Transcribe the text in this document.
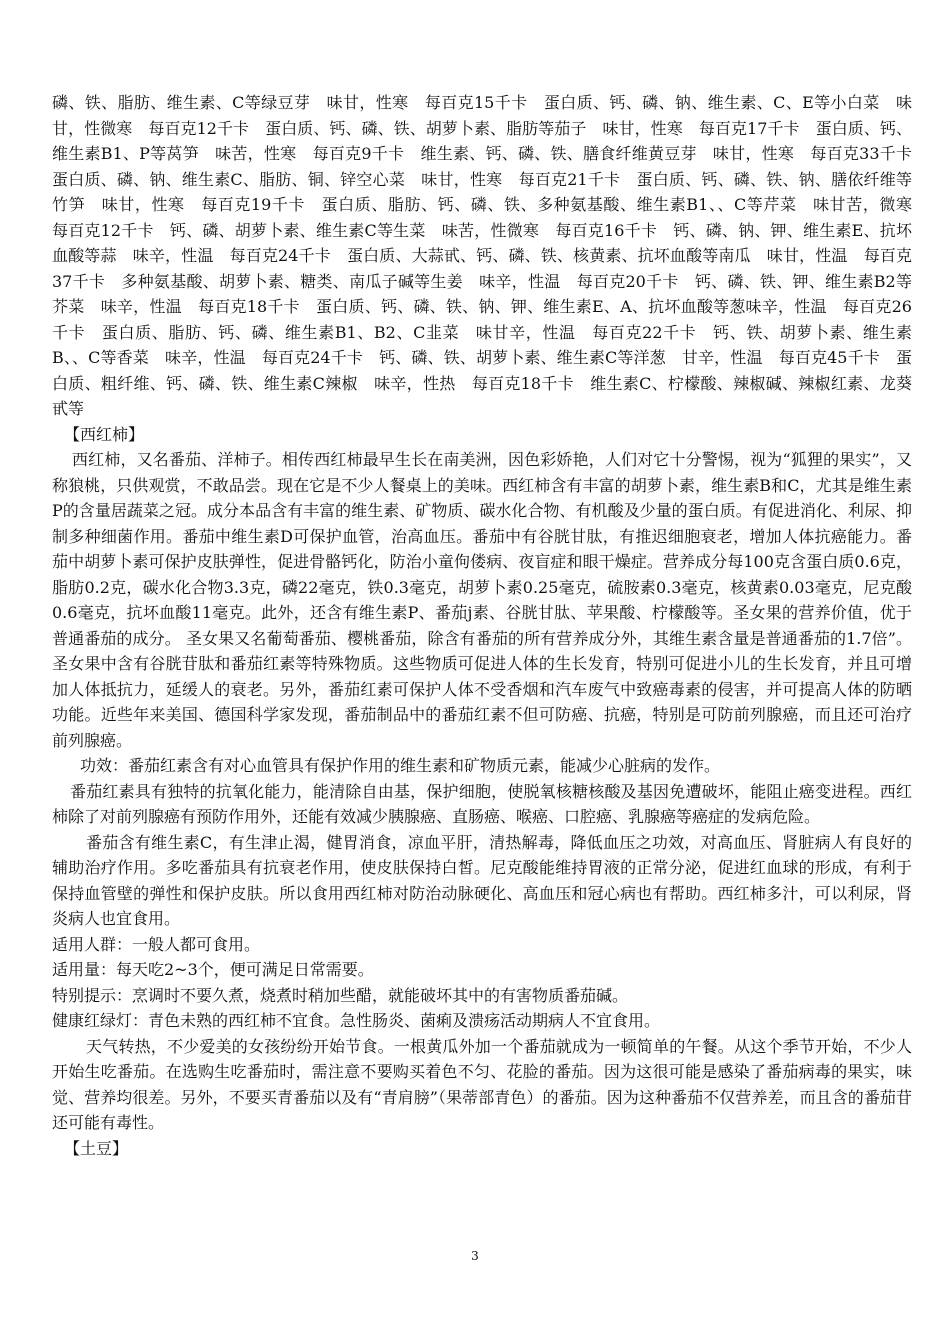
磷、铁、脂肪、维生素、C等绿豆芽　味甘，性寒　每百克15千卡　蛋白质、钙、磷、钠、维生素、C、E等小白菜　味甘，性微寒　每百克12千卡　蛋白质、钙、磷、铁、胡萝卜素、脂肪等茄子　味甘，性寒　每百克17千卡　蛋白质、钙、维生素B1、P等莴笋　味苦，性寒　每百克9千卡　维生素、钙、磷、铁、膳食纤维黄豆芽　味甘，性寒　每百克33千卡　蛋白质、磷、钠、维生素C、脂肪、铜、锌空心菜　味甘，性寒　每百克21千卡　蛋白质、钙、磷、铁、钠、膳依纤维等竹笋　味甘，性寒　每百克19千卡　蛋白质、脂肪、钙、磷、铁、多种氨基酸、维生素B1、、C等芹菜　味甘苦，微寒　每百克12千卡　钙、磷、胡萝卜素、维生素C等生菜　味苦，性微寒　每百克16千卡　钙、磷、钠、钾、维生素E、抗坏血酸等蒜　味辛，性温　每百克24千卡　蛋白质、大蒜甙、钙、磷、铁、核黄素、抗坏血酸等南瓜　味甘，性温　每百克37千卡　多种氨基酸、胡萝卜素、糖类、南瓜子碱等生姜　味辛，性温　每百克20千卡　钙、磷、铁、钾、维生素B2等芥菜　味辛，性温　每百克18千卡　蛋白质、钙、磷、铁、钠、钾、维生素E、A、抗坏血酸等葱味辛，性温　每百克26千卡　蛋白质、脂肪、钙、磷、维生素B1、B2、C韭菜　味甘辛，性温　每百克22千卡　钙、铁、胡萝卜素、维生素B、、C等香菜　味辛，性温　每百克24千卡　钙、磷、铁、胡萝卜素、维生素C等洋葱　甘辛，性温　每百克45千卡　蛋白质、粗纤维、钙、磷、铁、维生素C辣椒　味辛，性热　每百克18千卡　维生素C、柠檬酸、辣椒碱、辣椒红素、龙葵甙等

【西红柿】

西红柿，又名番茄、洋柿子。相传西红柿最早生长在南美洲，因色彩娇艳，人们对它十分警惕，视为“狐狸的果实”，又称狼桃，只供观赏，不敢品尝。现在它是不少人餐桌上的美味。西红柿含有丰富的胡萝卜素，维生素B和C，尤其是维生素P的含量居蔬菜之冠。成分本品含有丰富的维生素、矿物质、碳水化合物、有机酸及少量的蛋白质。有促进消化、利尿、抑制多种细菌作用。番茄中维生素D可保护血管，治高血压。番茄中有谷胱甘肽，有推迟细胞衰老，增加人体抗癌能力。番茄中胡萝卜素可保护皮肤弹性，促进骨骼钙化，防治小童佝偻病、夜盲症和眼干燥症。营养成分每100克含蛋白质0.6克，脂肪0.2克，碳水化合物3.3克，磷22毫克，铁0.3毫克，胡萝卜素0.25毫克，硫胺素0.3毫克，核黄素0.03毫克，尼克酸0.6毫克，抗坏血酸11毫克。此外，还含有维生素P、番茄j素、谷胱甘肽、苹果酸、柠檬酸等。圣女果的营养价值，优于普通番茄的成分。 圣女果又名葡萄番茄、樱桃番茄，除含有番茄的所有营养成分外，其维生素含量是普通番茄的1.7倍”。 圣女果中含有谷胱苷肽和番茄红素等特殊物质。这些物质可促进人体的生长发育，特别可促进小儿的生长发育，并且可增加人体抵抗力，延缓人的衰老。另外，番茄红素可保护人体不受香烟和汽车废气中致癌毒素的侵害，并可提高人体的防晒功能。近些年来美国、德国科学家发现，番茄制品中的番茄红素不但可防癌、抗癌，特别是可防前列腺癌，而且还可治疗前列腺癌。

功效：番茄红素含有对心血管具有保护作用的维生素和矿物质元素，能减少心脏病的发作。

番茄红素具有独特的抗氧化能力，能清除自由基，保护细胞，使脱氧核糖核酸及基因免遭破坏，能阻止癌变进程。西红柿除了对前列腺癌有预防作用外，还能有效减少胰腺癌、直肠癌、喉癌、口腔癌、乳腺癌等癌症的发病危险。

番茄含有维生素C，有生津止渴，健胃消食，凉血平肝，清热解毒，降低血压之功效，对高血压、肾脏病人有良好的辅助治疗作用。多吃番茄具有抗衰老作用，使皮肤保持白皙。尼克酸能维持胃液的正常分泌，促进红血球的形成，有利于保持血管壁的弹性和保护皮肤。所以食用西红柿对防治动脉硬化、高血压和冠心病也有帮助。西红柿多汁，可以利尿，肾炎病人也宜食用。

适用人群：一般人都可食用。

适用量：每天吃2~3个，便可满足日常需要。

特别提示：烹调时不要久煮，烧煮时稍加些醋，就能破坏其中的有害物质番茄碱。

健康红绿灯：青色未熟的西红柿不宜食。急性肠炎、菌痢及溃疡活动期病人不宜食用。

天气转热，不少爱美的女孩纷纷开始节食。一根黄瓜外加一个番茄就成为一顿简单的午餐。从这个季节开始，不少人开始生吃番茄。在选购生吃番茄时，需注意不要购买着色不匀、花脸的番茄。因为这很可能是感染了番茄病毒的果实，味觉、营养均很差。另外，不要买青番茄以及有“青肩膀”（果蒂部青色）的番茄。因为这种番茄不仅营养差，而且含的番茄苷还可能有毒性。

【土豆】

3
